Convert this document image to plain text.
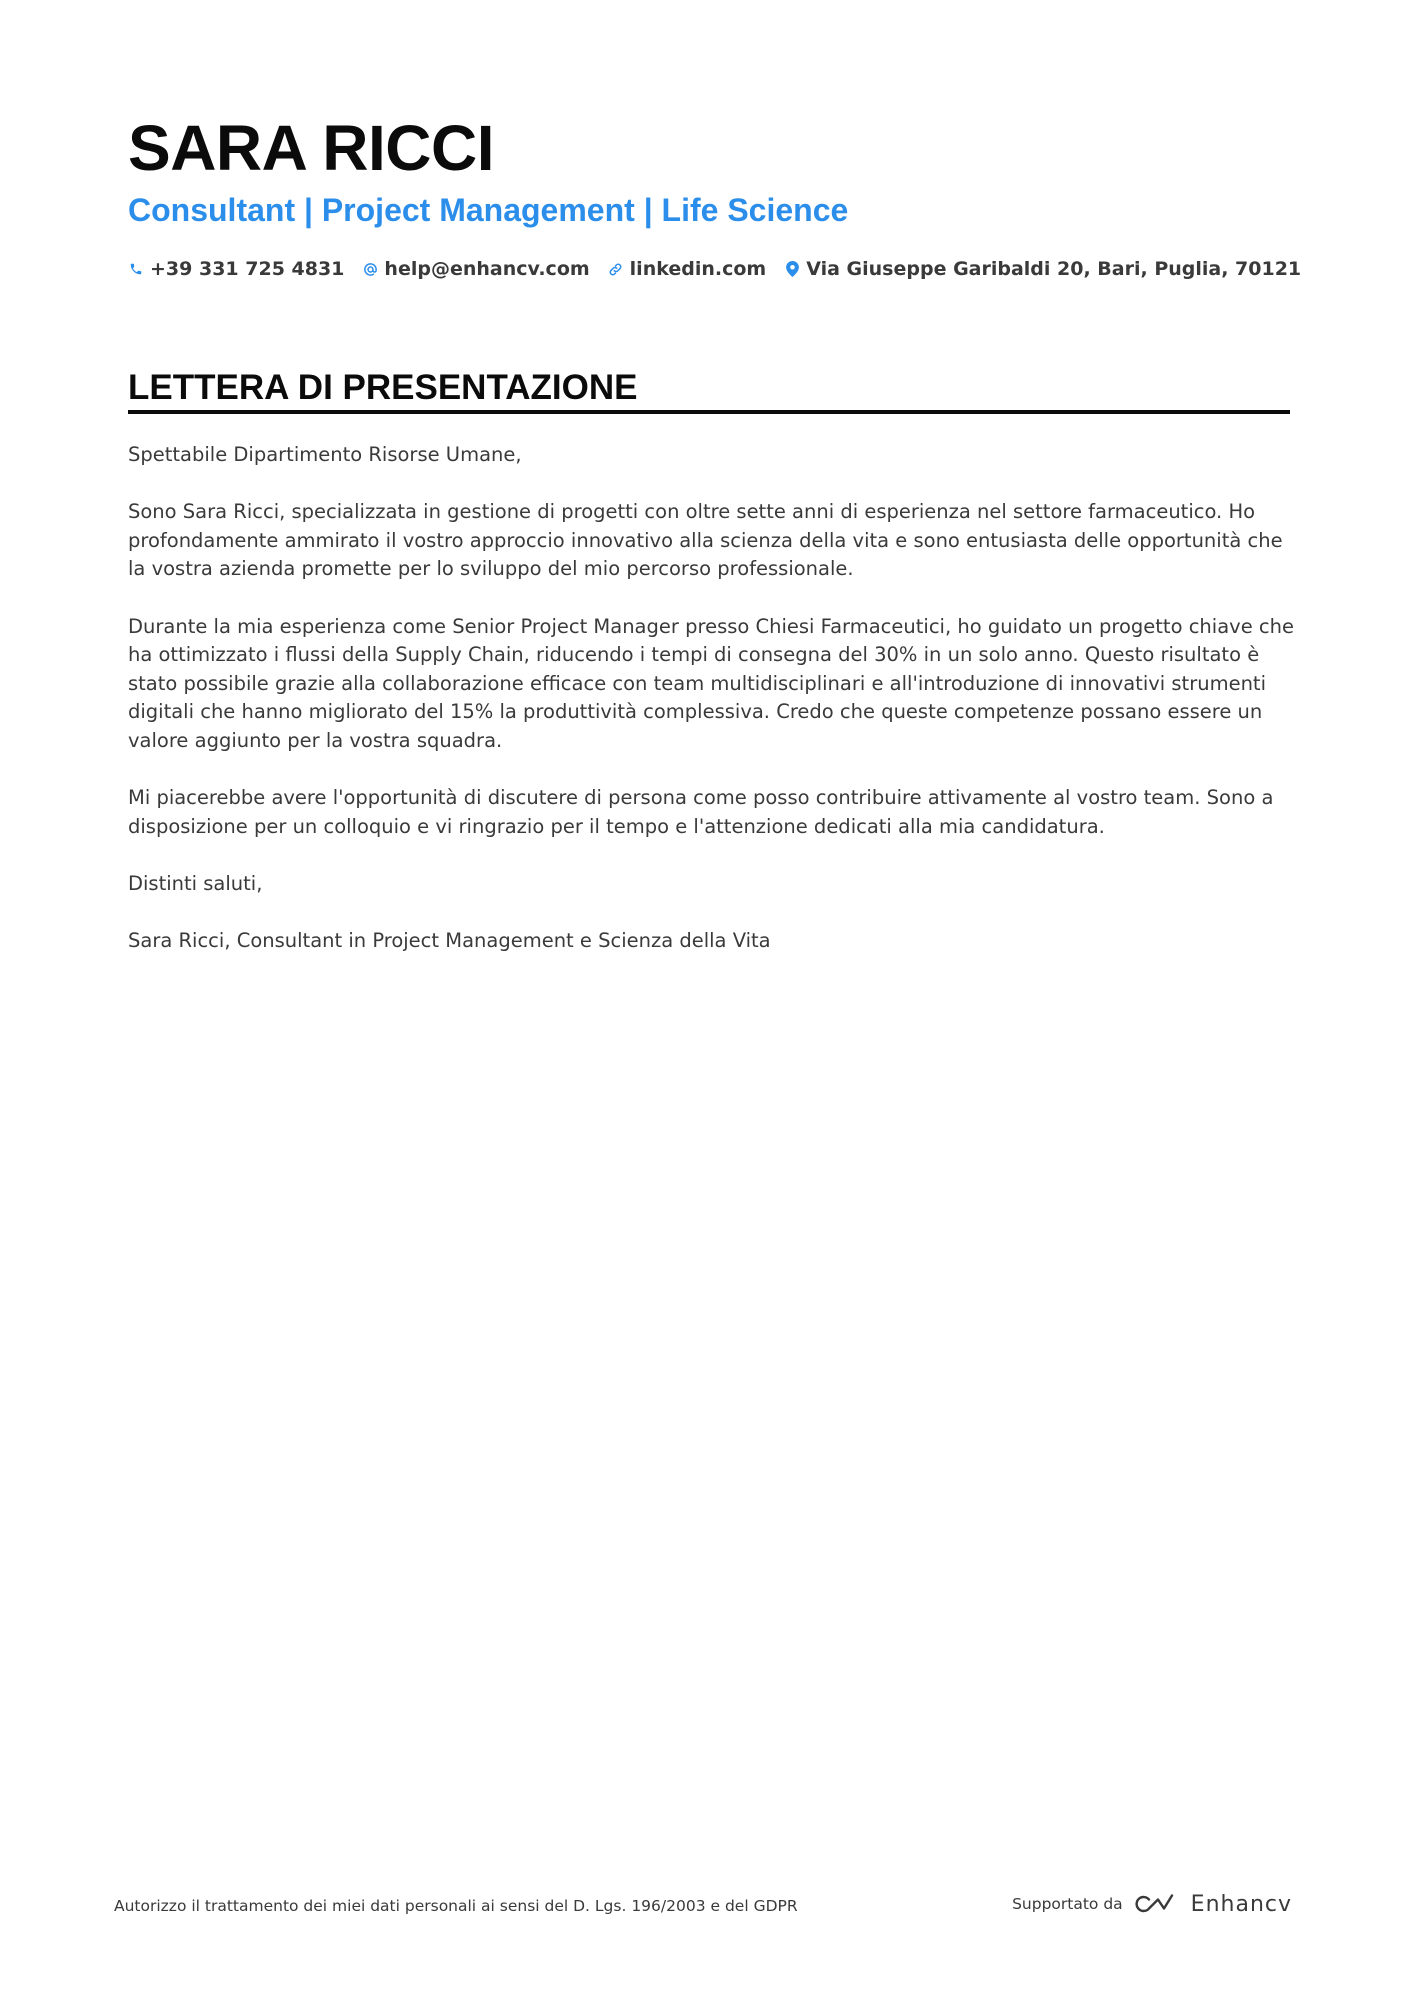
SARA RICCI
Consultant | Project Management | Life Science
+39 331 725 4831 help@enhancv.com linkedin.com Via Giuseppe Garibaldi 20, Bari, Puglia, 70121
LETTERA DI PRESENTAZIONE

Spettabile Dipartimento Risorse Umane,

Sono Sara Ricci, specializzata in gestione di progetti con oltre sette anni di esperienza nel settore farmaceutico. Ho profondamente ammirato il vostro approccio innovativo alla scienza della vita e sono entusiasta delle opportunità che la vostra azienda promette per lo sviluppo del mio percorso professionale.

Durante la mia esperienza come Senior Project Manager presso Chiesi Farmaceutici, ho guidato un progetto chiave che ha ottimizzato i flussi della Supply Chain, riducendo i tempi di consegna del 30% in un solo anno. Questo risultato è stato possibile grazie alla collaborazione efficace con team multidisciplinari e all'introduzione di innovativi strumenti digitali che hanno migliorato del 15% la produttività complessiva. Credo che queste competenze possano essere un valore aggiunto per la vostra squadra.

Mi piacerebbe avere l'opportunità di discutere di persona come posso contribuire attivamente al vostro team. Sono a disposizione per un colloquio e vi ringrazio per il tempo e l'attenzione dedicati alla mia candidatura.

Distinti saluti,

Sara Ricci, Consultant in Project Management e Scienza della Vita

Autorizzo il trattamento dei miei dati personali ai sensi del D. Lgs. 196/2003 e del GDPR	Supportato da	Enhancv
